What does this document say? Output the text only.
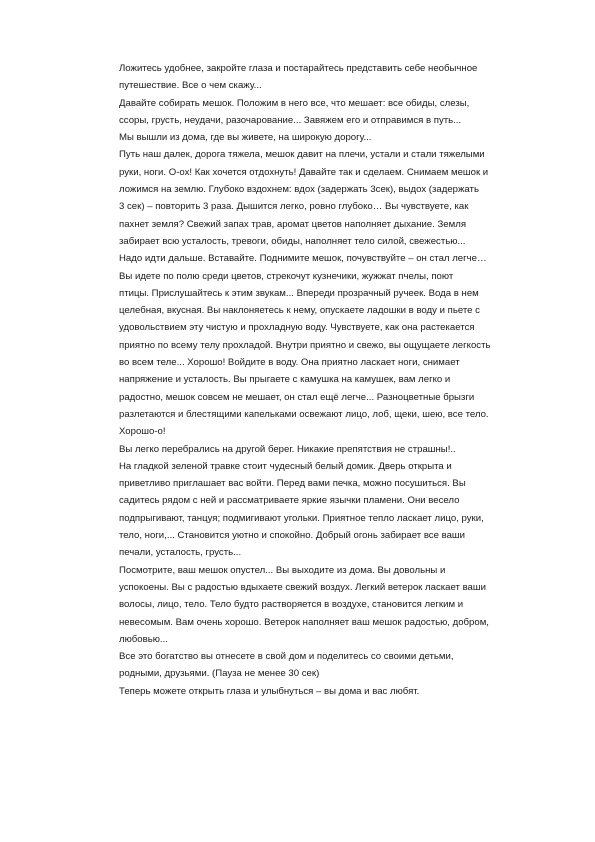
Ложитесь удобнее, закройте глаза и постарайтесь представить себе необычное
путешествие. Все о чем скажу...
Давайте собирать мешок. Положим в него все, что мешает: все обиды, слезы,
ссоры, грусть, неудачи, разочарование... Завяжем его и отправимся в путь...
Мы вышли из дома, где вы живете, на широкую дорогу...
Путь наш далек, дорога тяжела, мешок давит на плечи, устали и стали тяжелыми
руки, ноги. О-ох! Как хочется отдохнуть! Давайте так и сделаем. Снимаем мешок и
ложимся на землю. Глубоко вздохнем: вдох (задержать 3сек), выдох (задержать
3 сек) – повторить 3 раза. Дышится легко, ровно глубоко… Вы чувствуете, как
пахнет земля? Свежий запах трав, аромат цветов наполняет дыхание. Земля
забирает всю усталость, тревоги, обиды, наполняет тело силой, свежестью...
Надо идти дальше. Вставайте. Поднимите мешок, почувствуйте – он стал легче…
Вы идете по полю среди цветов, стрекочут кузнечики, жужжат пчелы, поют
птицы. Прислушайтесь к этим звукам... Впереди прозрачный ручеек. Вода в нем
целебная, вкусная. Вы наклоняетесь к нему, опускаете ладошки в воду и пьете с
удовольствием эту чистую и прохладную воду. Чувствуете, как она растекается
приятно по всему телу прохладой. Внутри приятно и свежо, вы ощущаете легкость
во всем теле... Хорошо! Войдите в воду. Она приятно ласкает ноги, снимает
напряжение и усталость. Вы прыгаете с камушка на камушек, вам легко и
радостно, мешок совсем не мешает, он стал ещё легче... Разноцветные брызги
разлетаются и блестящими капельками освежают лицо, лоб, щеки, шею, все тело.
Хорошо-о!
Вы легко перебрались на другой берег. Никакие препятствия не страшны!..
На гладкой зеленой травке стоит чудесный белый домик. Дверь открыта и
приветливо приглашает вас войти. Перед вами печка, можно посушиться. Вы
садитесь рядом с ней и рассматриваете яркие язычки пламени. Они весело
подпрыгивают, танцуя; подмигивают угольки. Приятное тепло ласкает лицо, руки,
тело, ноги,... Становится уютно и спокойно. Добрый огонь забирает все ваши
печали, усталость, грусть...
Посмотрите, ваш мешок опустел... Вы выходите из дома. Вы довольны и
успокоены. Вы с радостью вдыхаете свежий воздух. Легкий ветерок ласкает ваши
волосы, лицо, тело. Тело будто растворяется в воздухе, становится легким и
невесомым. Вам очень хорошо. Ветерок наполняет ваш мешок радостью, добром,
любовью...
Все это богатство вы отнесете в свой дом и поделитесь со своими детьми,
родными, друзьями. (Пауза не менее 30 сек)
Теперь можете открыть глаза и улыбнуться – вы дома и вас любят.
